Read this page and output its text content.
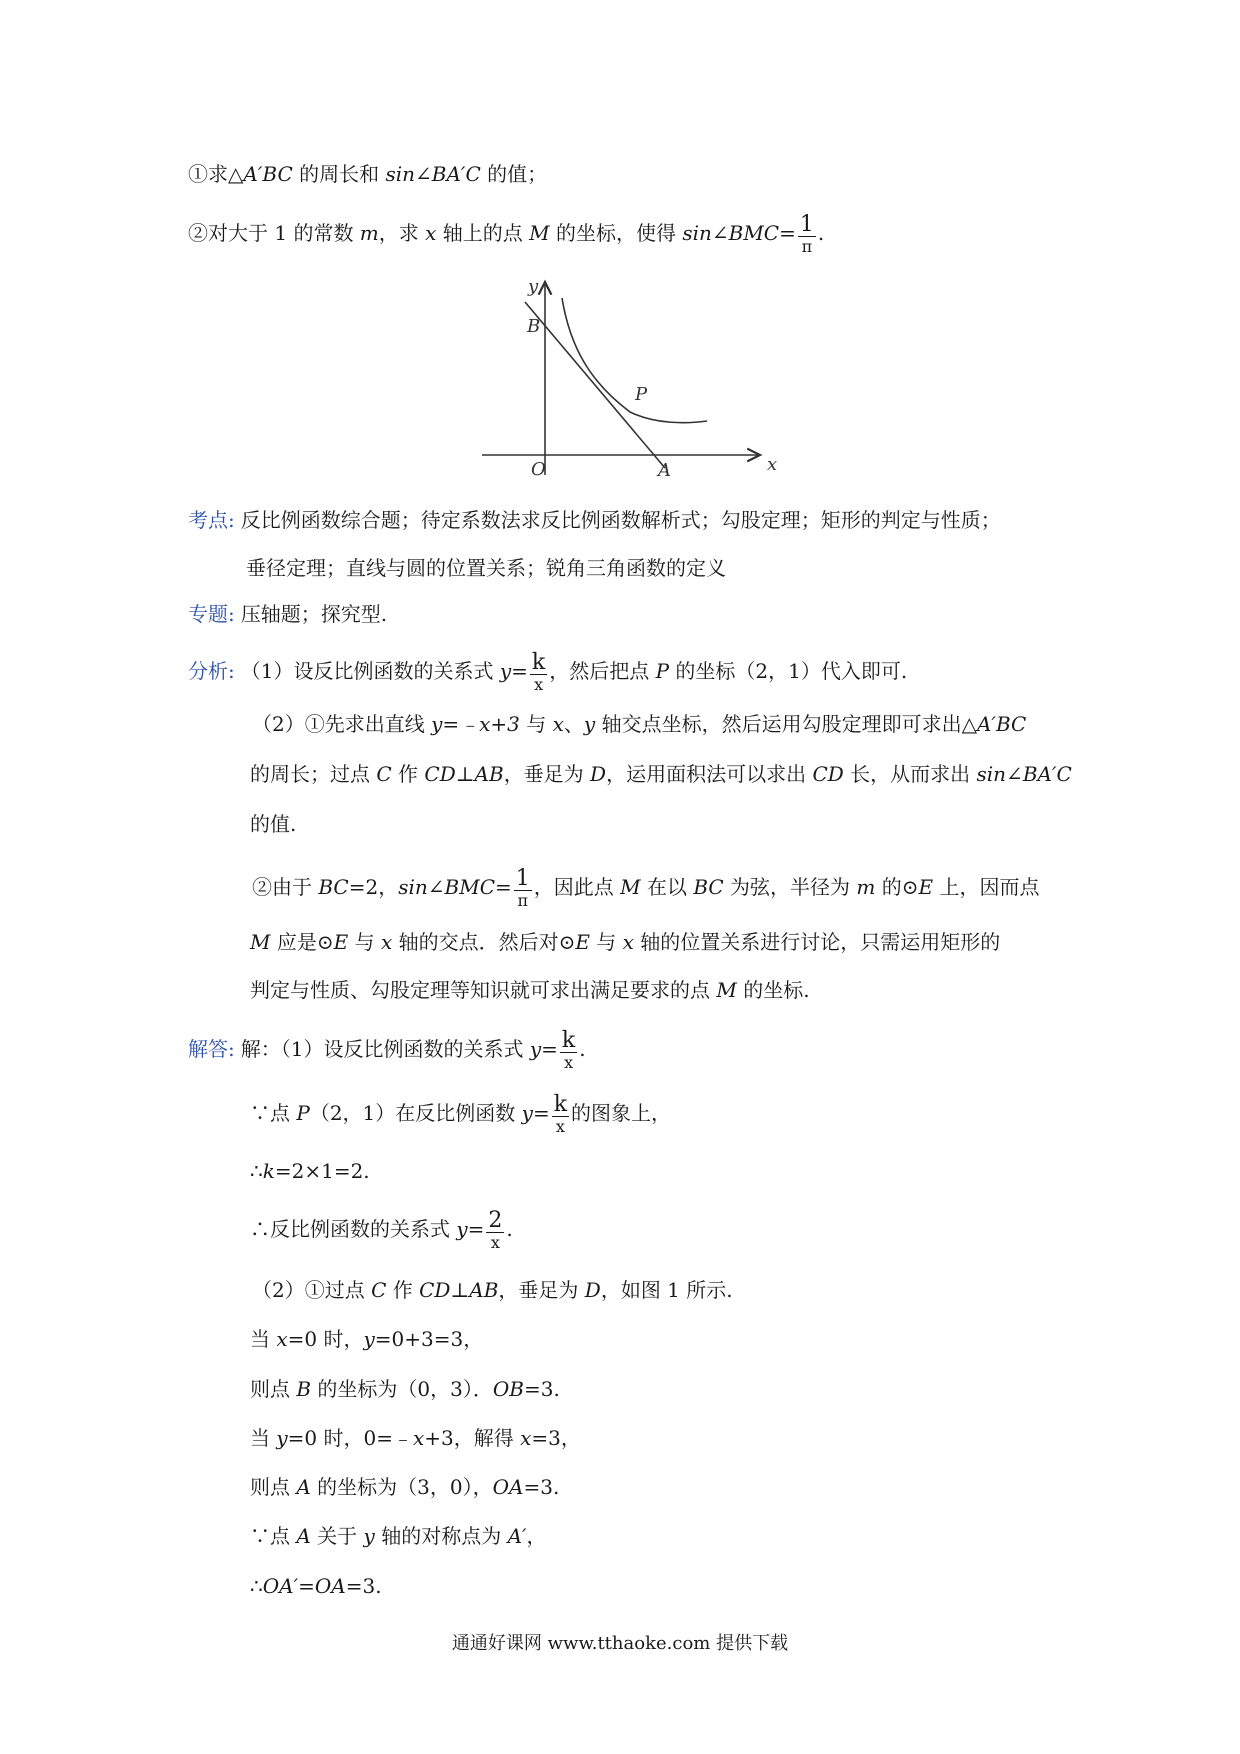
①求△A′BC 的周长和 sin∠BA′C 的值；
②对大于 1 的常数 m，求 x 轴上的点 M 的坐标，使得 sin∠BMC= $\frac{1}{\pi}$ .
y
x
B
P
O	A
考点: 反比例函数综合题；待定系数法求反比例函数解析式；勾股定理；矩形的判定与性质；
垂径定理；直线与圆的位置关系；锐角三角函数的定义
专题: 压轴题；探究型.
分析: （1）设反比例函数的关系式 $y= \frac{k}{x}$ ，然后把点 P 的坐标（2，1）代入即可.
（2）①先求出直线 y=﹣x+3 与 x、y 轴交点坐标，然后运用勾股定理即可求出△A′BC
的周长；过点 C 作 CD⊥AB，垂足为 D，运用面积法可以求出 CD 长，从而求出 sin∠BA′C
的值.
②由于 BC=2，sin∠BMC= $\frac{1}{\pi}$ ，因此点 M 在以 BC 为弦，半径为 m 的⊙E 上，因而点
M 应是⊙E 与 x 轴的交点．然后对⊙E 与 x 轴的位置关系进行讨论，只需运用矩形的
判定与性质、勾股定理等知识就可求出满足要求的点 M 的坐标.
解答: 解：（1）设反比例函数的关系式 $y= \frac{k}{x}$ .
∵点 P（2，1）在反比例函数 $y= \frac{k}{x}$ 的图象上，
∴k=2×1=2.
∴反比例函数的关系式 $y= \frac{2}{x}$ .
（2）①过点 C 作 CD⊥AB，垂足为 D，如图 1 所示.
当 x=0 时，y=0+3=3，
则点 B 的坐标为（0，3）．OB=3.
当 y=0 时，0=﹣x+3，解得 x=3，
则点 A 的坐标为（3，0），OA=3.
∵点 A 关于 y 轴的对称点为 A′，
∴OA′=OA=3.
通通好课网 www.tthaoke.com 提供下载
